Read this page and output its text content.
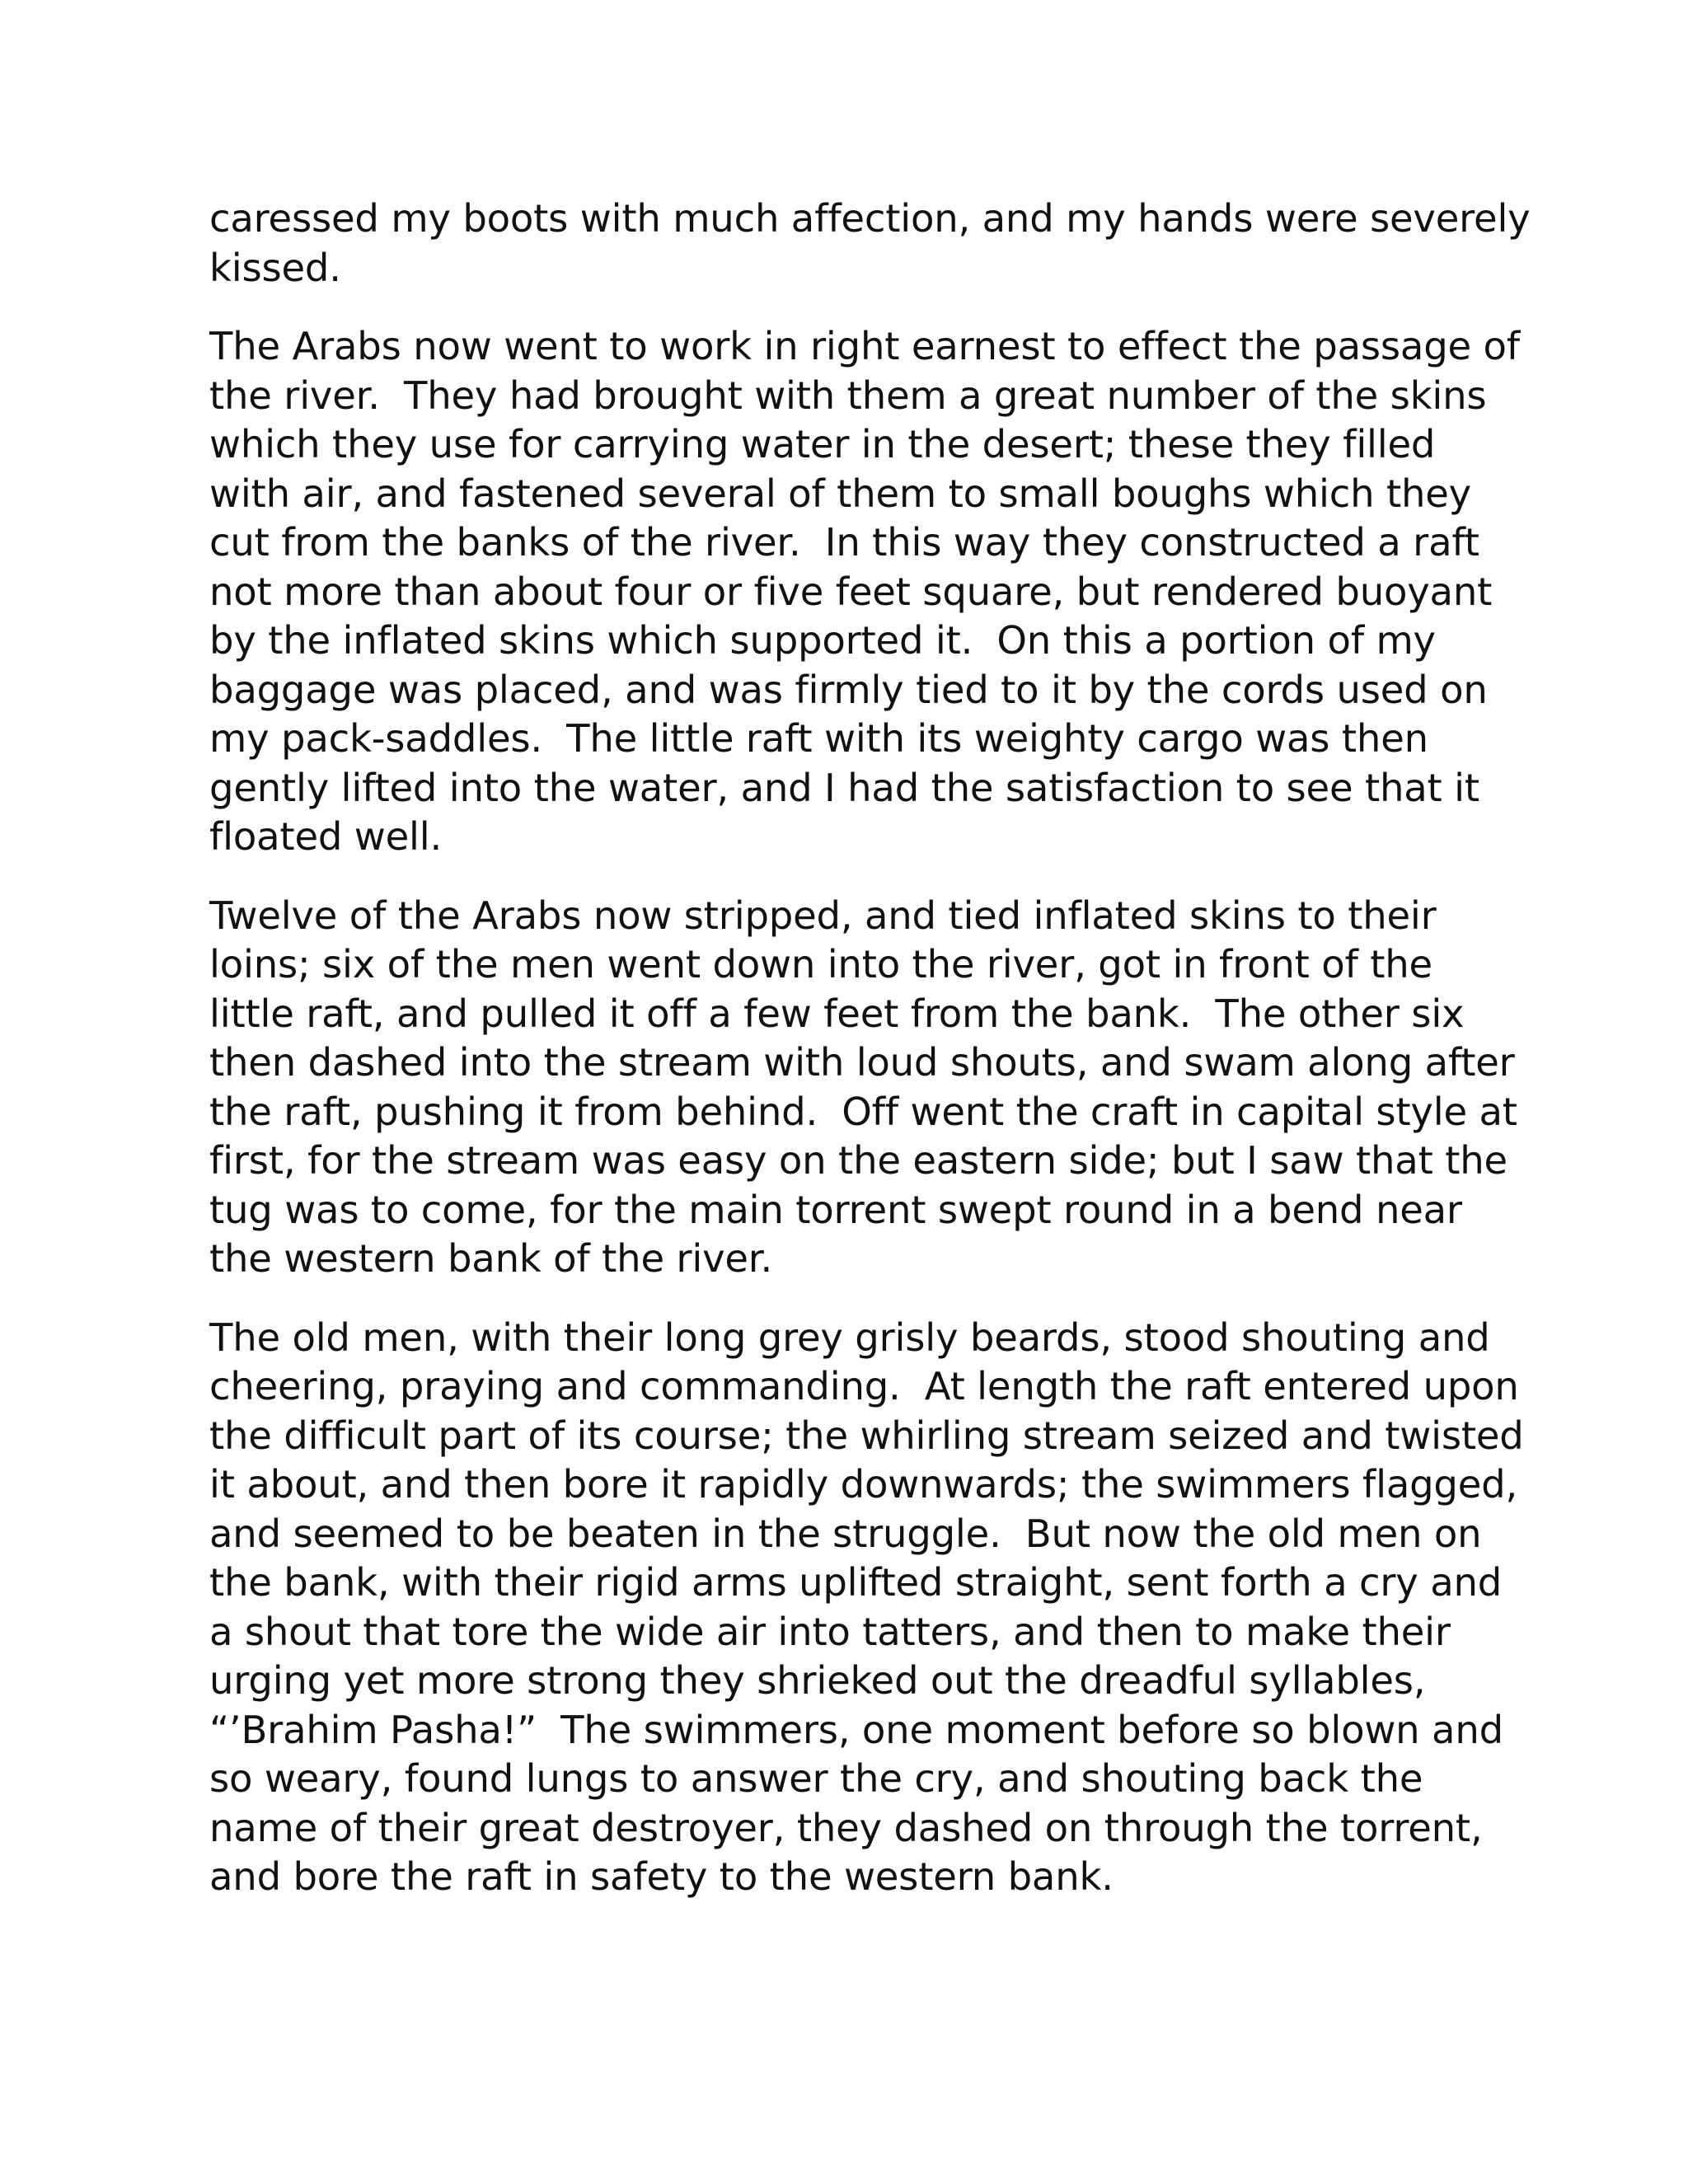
caressed my boots with much affection, and my hands were severely
kissed.

The Arabs now went to work in right earnest to effect the passage of
the river.  They had brought with them a great number of the skins
which they use for carrying water in the desert; these they filled
with air, and fastened several of them to small boughs which they
cut from the banks of the river.  In this way they constructed a raft
not more than about four or five feet square, but rendered buoyant
by the inflated skins which supported it.  On this a portion of my
baggage was placed, and was firmly tied to it by the cords used on
my pack-saddles.  The little raft with its weighty cargo was then
gently lifted into the water, and I had the satisfaction to see that it
floated well.

Twelve of the Arabs now stripped, and tied inflated skins to their
loins; six of the men went down into the river, got in front of the
little raft, and pulled it off a few feet from the bank.  The other six
then dashed into the stream with loud shouts, and swam along after
the raft, pushing it from behind.  Off went the craft in capital style at
first, for the stream was easy on the eastern side; but I saw that the
tug was to come, for the main torrent swept round in a bend near
the western bank of the river.

The old men, with their long grey grisly beards, stood shouting and
cheering, praying and commanding.  At length the raft entered upon
the difficult part of its course; the whirling stream seized and twisted
it about, and then bore it rapidly downwards; the swimmers flagged,
and seemed to be beaten in the struggle.  But now the old men on
the bank, with their rigid arms uplifted straight, sent forth a cry and
a shout that tore the wide air into tatters, and then to make their
urging yet more strong they shrieked out the dreadful syllables,
“’Brahim Pasha!”  The swimmers, one moment before so blown and
so weary, found lungs to answer the cry, and shouting back the
name of their great destroyer, they dashed on through the torrent,
and bore the raft in safety to the western bank.
